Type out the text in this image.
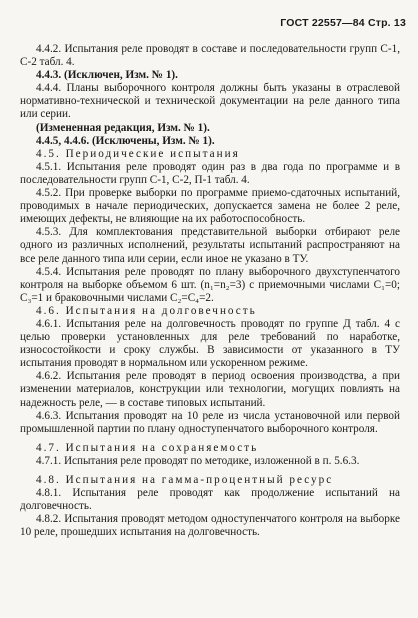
ГОСТ 22557—84 Стр. 13

4.4.2. Испытания реле проводят в составе и последовательности групп С-1, С-2 табл. 4.

4.4.3. (Исключен, Изм. № 1).

4.4.4. Планы выборочного контроля должны быть указаны в отраслевой нормативно-технической и технической документации на реле данного типа или серии.

(Измененная редакция, Изм. № 1).

4.4.5, 4.4.6. (Исключены, Изм. № 1).

4.5. Периодические испытания

4.5.1. Испытания реле проводят один раз в два года по программе и в последовательности групп С-1, С-2, П-1 табл. 4.

4.5.2. При проверке выборки по программе приемо-сдаточных испытаний, проводимых в начале периодических, допускается замена не более 2 реле, имеющих дефекты, не влияющие на их работоспособность.

4.5.3. Для комплектования представительной выборки отбирают реле одного из различных исполнений, результаты испытаний распространяют на все реле данного типа или серии, если иное не указано в ТУ.

4.5.4. Испытания реле проводят по плану выборочного двухступенчатого контроля на выборке объемом 6 шт. (n₁=n₂=3) с приемочными числами C₁=0; C₃=1 и браковочными числами C₂=C₄=2.

4.6. Испытания на долговечность

4.6.1. Испытания реле на долговечность проводят по группе Д табл. 4 с целью проверки установленных для реле требований по наработке, износостойкости и сроку службы. В зависимости от указанного в ТУ испытания проводят в нормальном или ускоренном режиме.

4.6.2. Испытания реле проводят в период освоения производства, а при изменении материалов, конструкции или технологии, могущих повлиять на надежность реле, — в составе типовых испытаний.

4.6.3. Испытания проводят на 10 реле из числа установочной или первой промышленной партии по плану одноступенчатого выборочного контроля.

4.7. Испытания на сохраняемость

4.7.1. Испытания реле проводят по методике, изложенной в п. 5.6.3.

4.8. Испытания на гамма-процентный ресурс

4.8.1. Испытания реле проводят как продолжение испытаний на долговечность.

4.8.2. Испытания проводят методом одноступенчатого контроля на выборке 10 реле, прошедших испытания на долговечность.
